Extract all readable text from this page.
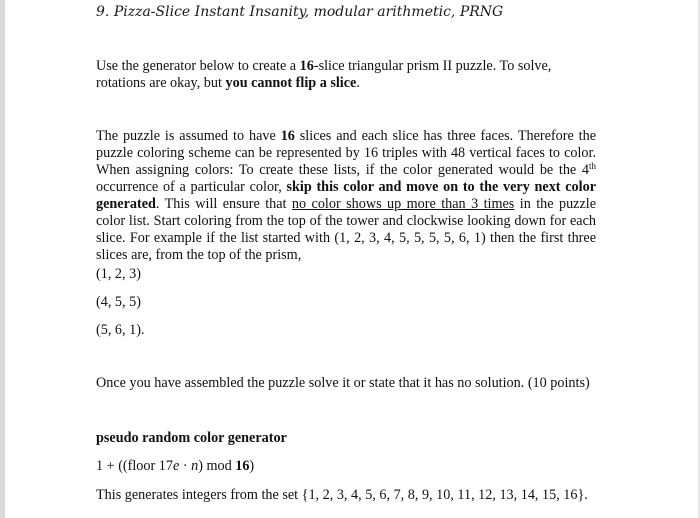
9. Pizza-Slice Instant Insanity, modular arithmetic, PRNG
Use the generator below to create a 16-slice triangular prism II puzzle. To solve, rotations are okay, but you cannot flip a slice.
The puzzle is assumed to have 16 slices and each slice has three faces. Therefore the puzzle coloring scheme can be represented by 16 triples with 48 vertical faces to color. When assigning colors: To create these lists, if the color generated would be the 4th occurrence of a particular color, skip this color and move on to the very next color generated. This will ensure that no color shows up more than 3 times in the puzzle color list. Start coloring from the top of the tower and clockwise looking down for each slice. For example if the list started with (1, 2, 3, 4, 5, 5, 5, 5, 6, 1) then the first three slices are, from the top of the prism,
(1, 2, 3)
(4, 5, 5)
(5, 6, 1).
Once you have assembled the puzzle solve it or state that it has no solution. (10 points)
pseudo random color generator
1 + ((floor 17e · n) mod 16)
This generates integers from the set {1, 2, 3, 4, 5, 6, 7, 8, 9, 10, 11, 12, 13, 14, 15, 16}.
